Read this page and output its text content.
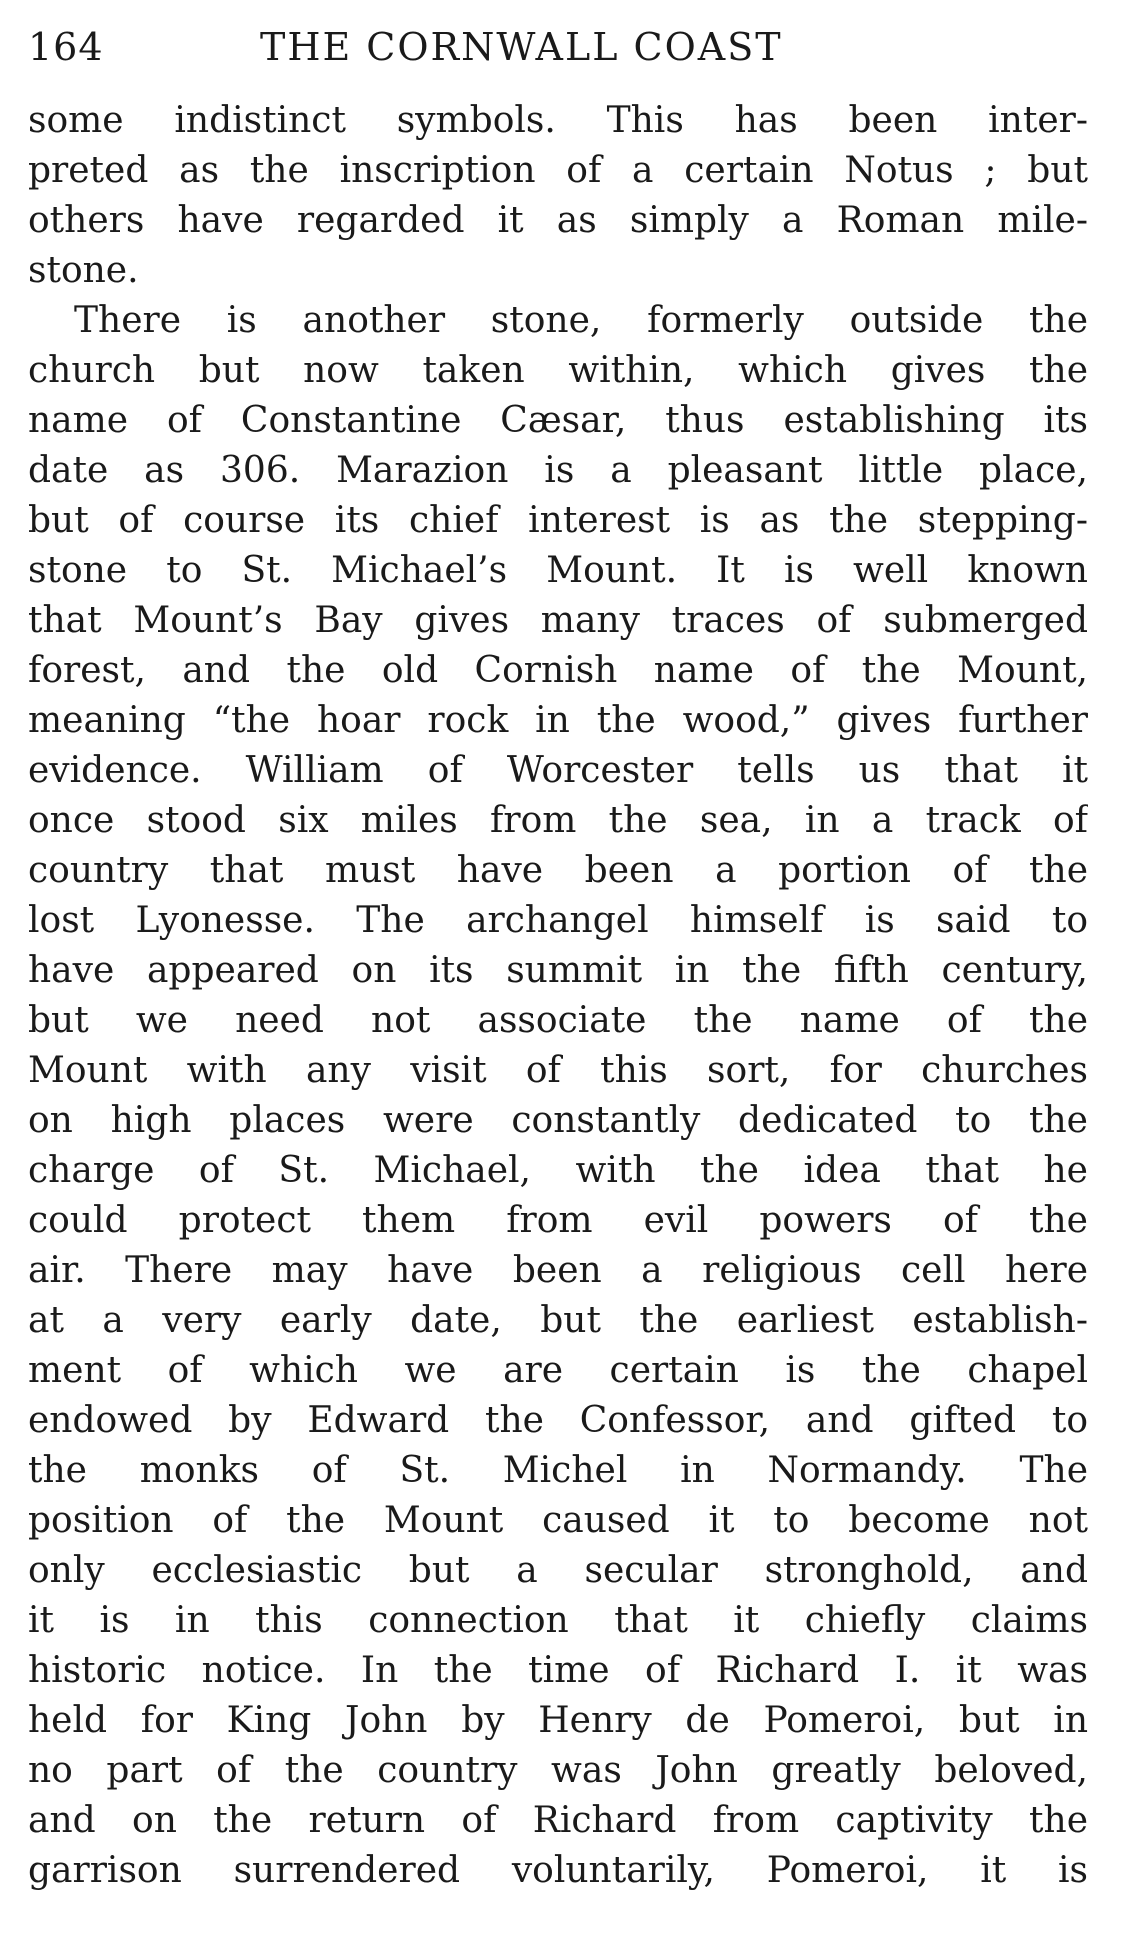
164	THE CORNWALL COAST
some indistinct symbols. This has been inter-
preted as the inscription of a certain Notus ; but
others have regarded it as simply a Roman mile-
stone.
There is another stone, formerly outside the
church but now taken within, which gives the
name of Constantine Cæsar, thus establishing its
date as 306. Marazion is a pleasant little place,
but of course its chief interest is as the stepping-
stone to St. Michael’s Mount. It is well known
that Mount’s Bay gives many traces of submerged
forest, and the old Cornish name of the Mount,
meaning “the hoar rock in the wood,” gives further
evidence. William of Worcester tells us that it
once stood six miles from the sea, in a track of
country that must have been a portion of the
lost Lyonesse. The archangel himself is said to
have appeared on its summit in the fifth century,
but we need not associate the name of the
Mount with any visit of this sort, for churches
on high places were constantly dedicated to the
charge of St. Michael, with the idea that he
could protect them from evil powers of the
air. There may have been a religious cell here
at a very early date, but the earliest establish-
ment of which we are certain is the chapel
endowed by Edward the Confessor, and gifted to
the monks of St. Michel in Normandy. The
position of the Mount caused it to become not
only ecclesiastic but a secular stronghold, and
it is in this connection that it chiefly claims
historic notice. In the time of Richard I. it was
held for King John by Henry de Pomeroi, but in
no part of the country was John greatly beloved,
and on the return of Richard from captivity the
garrison surrendered voluntarily, Pomeroi, it is
